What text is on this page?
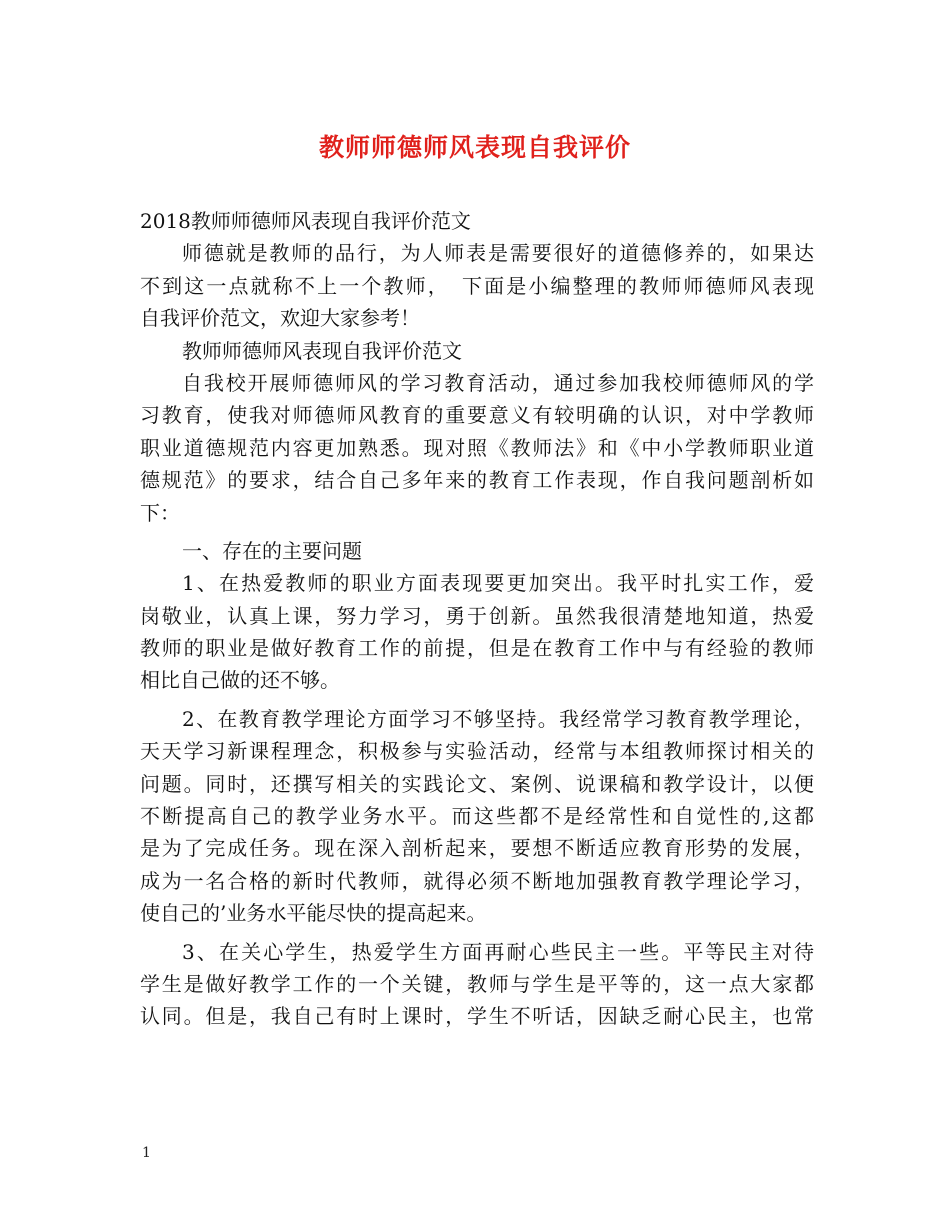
教师师德师风表现自我评价
2018教师师德师风表现自我评价范文
师德就是教师的品行，为人师表是需要很好的道德修养的，如果达
不到这一点就称不上一个教师，　下面是小编整理的教师师德师风表现
自我评价范文，欢迎大家参考！
教师师德师风表现自我评价范文
自我校开展师德师风的学习教育活动，通过参加我校师德师风的学
习教育，使我对师德师风教育的重要意义有较明确的认识，对中学教师
职业道德规范内容更加熟悉。现对照《教师法》和《中小学教师职业道
德规范》的要求，结合自己多年来的教育工作表现，作自我问题剖析如
下：
一、存在的主要问题
1、在热爱教师的职业方面表现要更加突出。我平时扎实工作，爱
岗敬业，认真上课，努力学习，勇于创新。虽然我很清楚地知道，热爱
教师的职业是做好教育工作的前提，但是在教育工作中与有经验的教师
相比自己做的还不够。
2、在教育教学理论方面学习不够坚持。我经常学习教育教学理论，
天天学习新课程理念，积极参与实验活动，经常与本组教师探讨相关的
问题。同时，还撰写相关的实践论文、案例、说课稿和教学设计，以便
不断提高自己的教学业务水平。而这些都不是经常性和自觉性的,这都
是为了完成任务。现在深入剖析起来，要想不断适应教育形势的发展，
成为一名合格的新时代教师，就得必须不断地加强教育教学理论学习，
使自己的’业务水平能尽快的提高起来。
3、在关心学生，热爱学生方面再耐心些民主一些。平等民主对待
学生是做好教学工作的一个关键，教师与学生是平等的，这一点大家都
认同。但是，我自己有时上课时，学生不听话，因缺乏耐心民主，也常
1
